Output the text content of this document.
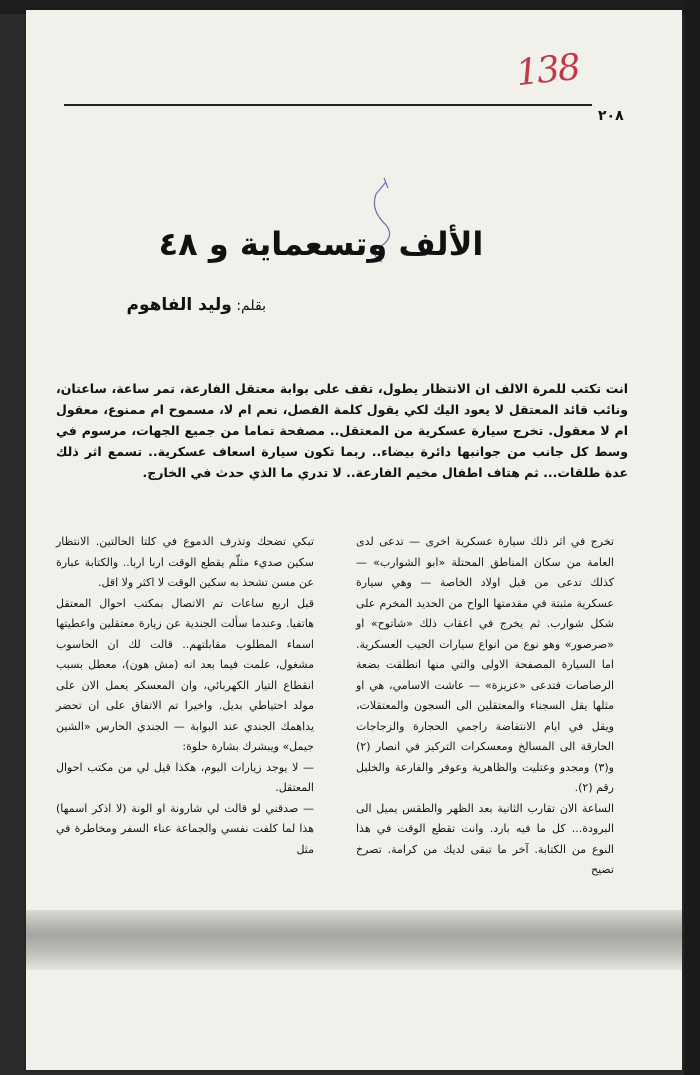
138
٢٠٨
الألف وتسعماية و ٤٨
بقلم: وليد الفاهوم

انت تكتب للمرة الالف ان الانتظار يطول، تقف على بوابة معتقل الفارعة، تمر ساعة، ساعتان، ونائب قائد المعتقل لا يعود اليك لكي يقول كلمة الفصل، نعم ام لا، مسموح ام ممنوع، معقول ام لا معقول. تخرج سيارة عسكرية من المعتقل.. مصفحة تماما من جميع الجهات، مرسوم في وسط كل جانب من جوانبها دائرة بيضاء.. ربما تكون سيارة اسعاف عسكرية.. تسمع اثر ذلك عدة طلقات... ثم هتاف اطفال مخيم الفارعة.. لا تدري ما الذي حدث في الخارج.

تخرج في اثر ذلك سيارة عسكرية اخرى — تدعى لدى العامة من سكان المناطق المحتلة «ابو الشوارب» — كذلك تدعى من قبل اولاد الخاصة — وهي سيارة عسكرية مثبتة في مقدمتها الواح من الحديد المخرم على شكل شوارب. ثم يخرج في اعقاب ذلك «شاتوح» او «صرصور» وهو نوع من انواع سيارات الجيب العسكرية. اما السيارة المصفحة الاولى والتي منها انطلقت بضعة الرصاصات فتدعى «عزيزة» — عاشت الاسامي، هي او مثلها يقل السجناء والمعتقلين الى السجون والمعتقلات، ويقل في ايام الانتفاضة راجمي الحجارة والزجاجات الحارقة الى المسالخ ومعسكرات التركيز في انصار (٢) و(٣) ومجدو وعتليت والظاهرية وعوفر والفارعة والخليل رقم (٢).

الساعة الان تقارب الثانية بعد الظهر والطقس يميل الى البرودة... كل ما فيه بارد. وانت تقطع الوقت في هذا النوع من الكتابة. آخر ما تبقى لديك من كرامة. تصرخ تصيح

تبكي تضحك وتذرف الدموع في كلتا الحالتين. الانتظار سكين صديء مثلّم يقطع الوقت اربا اربا.. والكتابة عبارة عن مسن تشحذ به سكين الوقت لا اكثر ولا اقل.

قبل اربع ساعات تم الاتصال بمكتب احوال المعتقل هاتفيا. وعندما سألت الجندية عن زيارة معتقلين واعطيتها اسماء المطلوب مقابلتهم.. قالت لك ان الحاسوب مشغول، علمت فيما بعد انه (مش هون)، معطل بسبب انقطاع التيار الكهربائي، وان المعسكر يعمل الان على مولد احتياطي بديل. واخيرا تم الاتفاق على ان تحضر يداهمك الجندي عند البوابة — الجندي الحارس «الشين جيمل» ويبشرك بشارة حلوة:

— لا يوجد زيارات اليوم، هكذا قيل لي من مكتب احوال المعتقل.

— صدقني لو قالت لي شارونة او الونة (لا اذكر اسمها) هذا لما كلفت نفسي والجماعة عناء السفر ومخاطرة في مثل
